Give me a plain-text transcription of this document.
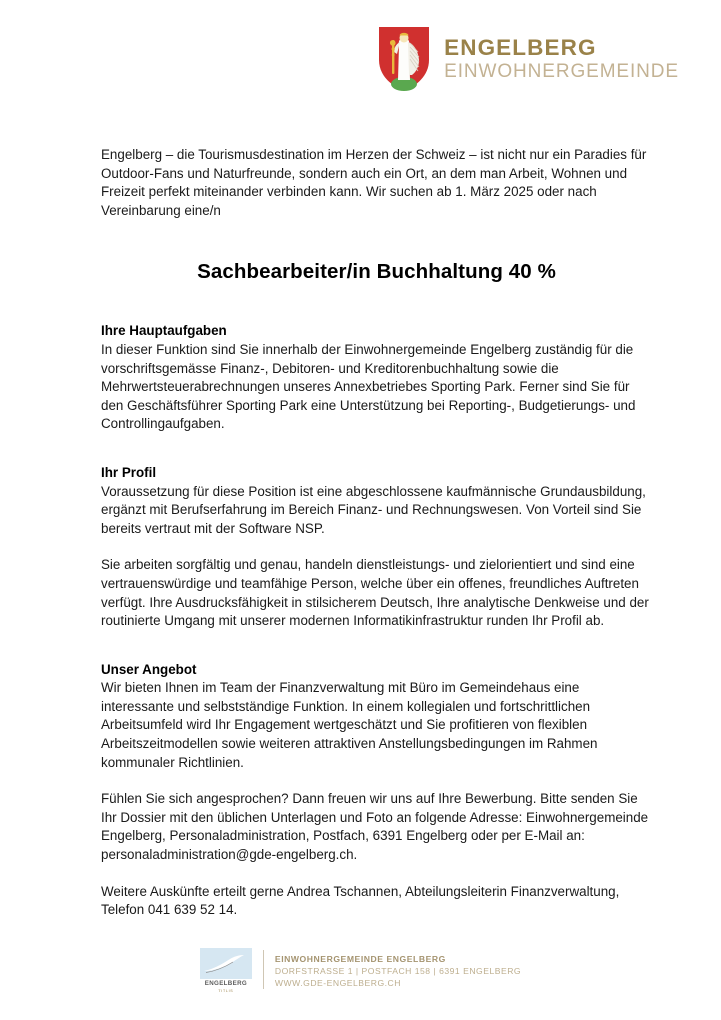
ENGELBERG
EINWOHNERGEMEINDE

Engelberg – die Tourismusdestination im Herzen der Schweiz – ist nicht nur ein Paradies für Outdoor-Fans und Naturfreunde, sondern auch ein Ort, an dem man Arbeit, Wohnen und Freizeit perfekt miteinander verbinden kann. Wir suchen ab 1. März 2025 oder nach Vereinbarung eine/n

Sachbearbeiter/in Buchhaltung 40 %
Ihre Hauptaufgaben

In dieser Funktion sind Sie innerhalb der Einwohnergemeinde Engelberg zuständig für die vorschriftsgemässe Finanz-, Debitoren- und Kreditorenbuchhaltung sowie die Mehrwertsteuerabrechnungen unseres Annexbetriebes Sporting Park. Ferner sind Sie für den Geschäftsführer Sporting Park eine Unterstützung bei Reporting-, Budgetierungs- und Controllingaufgaben.

Ihr Profil

Voraussetzung für diese Position ist eine abgeschlossene kaufmännische Grundausbildung, ergänzt mit Berufserfahrung im Bereich Finanz- und Rechnungswesen. Von Vorteil sind Sie bereits vertraut mit der Software NSP.

Sie arbeiten sorgfältig und genau, handeln dienstleistungs- und zielorientiert und sind eine vertrauenswürdige und teamfähige Person, welche über ein offenes, freundliches Auftreten verfügt. Ihre Ausdrucksfähigkeit in stilsicherem Deutsch, Ihre analytische Denkweise und der routinierte Umgang mit unserer modernen Informatikinfrastruktur runden Ihr Profil ab.

Unser Angebot

Wir bieten Ihnen im Team der Finanzverwaltung mit Büro im Gemeindehaus eine interessante und selbstständige Funktion. In einem kollegialen und fortschrittlichen Arbeitsumfeld wird Ihr Engagement wertgeschätzt und Sie profitieren von flexiblen Arbeitszeitmodellen sowie weiteren attraktiven Anstellungsbedingungen im Rahmen kommunaler Richtlinien.

Fühlen Sie sich angesprochen? Dann freuen wir uns auf Ihre Bewerbung. Bitte senden Sie Ihr Dossier mit den üblichen Unterlagen und Foto an folgende Adresse: Einwohnergemeinde Engelberg, Personaladministration, Postfach, 6391 Engelberg oder per E-Mail an: personaladministration@gde-engelberg.ch.

Weitere Auskünfte erteilt gerne Andrea Tschannen, Abteilungsleiterin Finanzverwaltung, Telefon 041 639 52 14.

ENGELBERG
TITLIS
EINWOHNERGEMEINDE ENGELBERG
DORFSTRASSE 1 | POSTFACH 158 | 6391 ENGELBERG
WWW.GDE-ENGELBERG.CH
